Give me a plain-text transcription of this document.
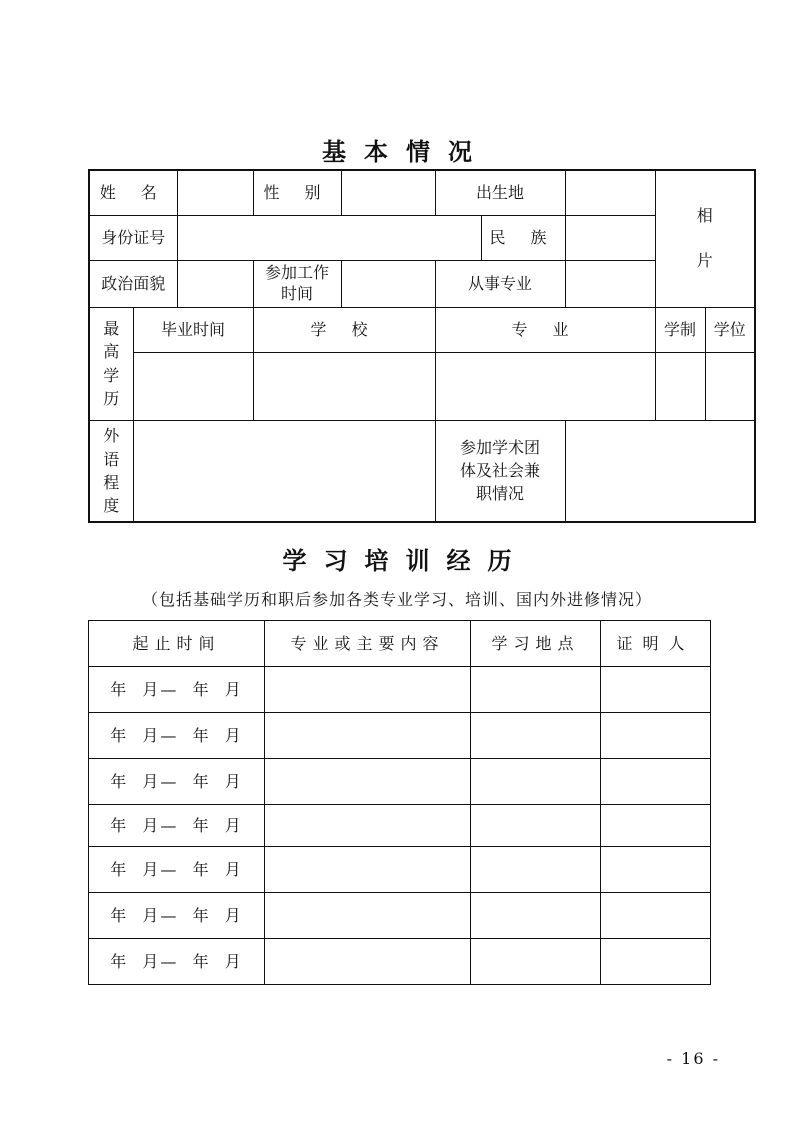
基本情况
姓 名			性 别		出生地			相 片	
身份证号						民 族			
政治面貌			参加工作时间		从事专业				
最高学历	毕业时间		学 校		专 业			学制	学位

外语程度					参加学术团体及社会兼职情况				
学习培训经历
（包括基础学历和职后参加各类专业学习、培训、国内外进修情况）
起止时间	专业或主要内容	学习地点	证明人
年  月—  年  月			
年  月—  年  月			
年  月—  年  月			
年  月—  年  月			
年  月—  年  月			
年  月—  年  月			
年  月—  年  月			
- 16 -
